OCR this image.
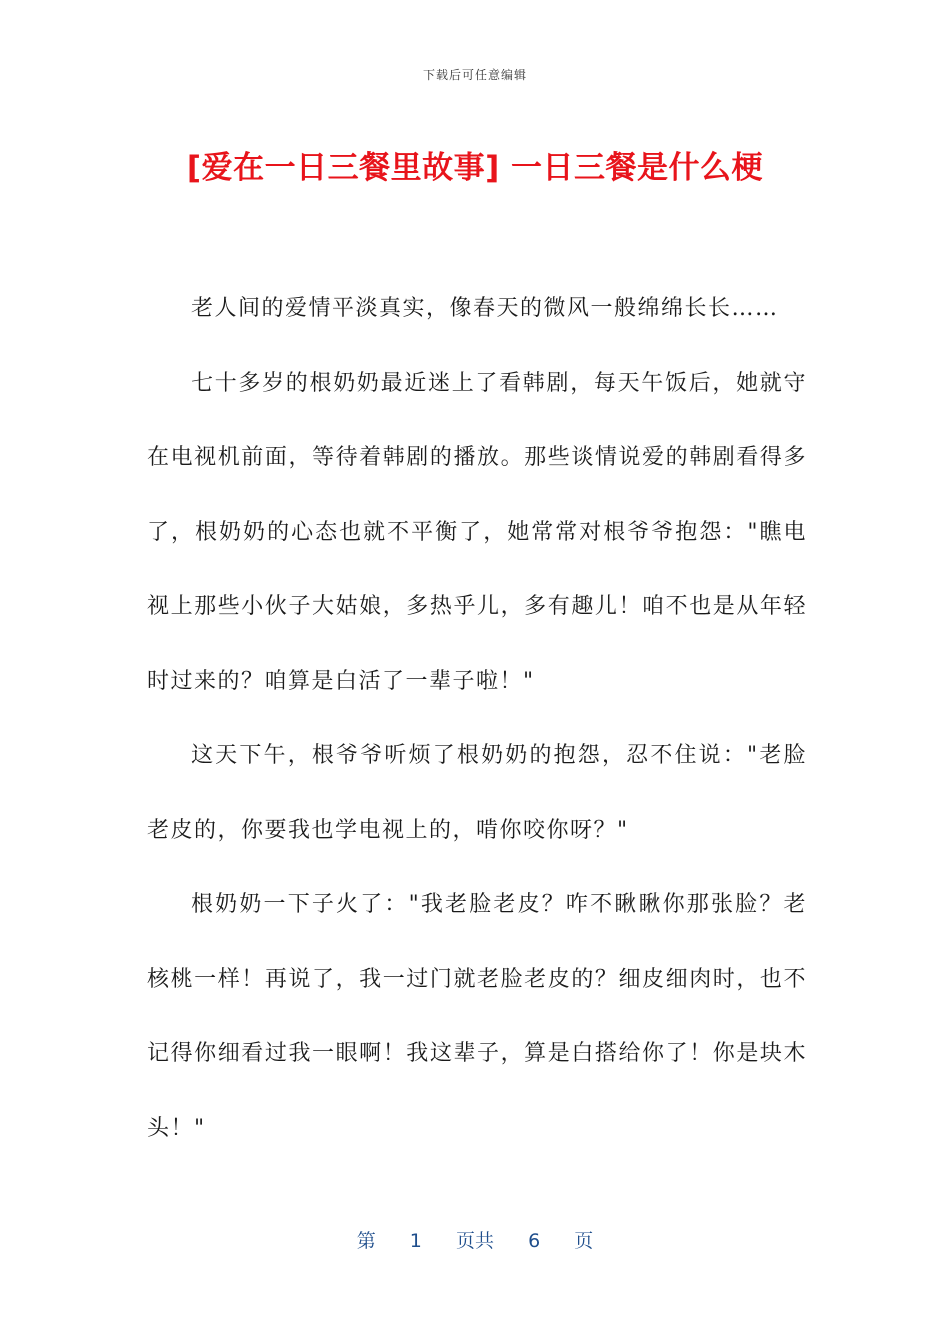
下载后可任意编辑
[爱在一日三餐里故事] 一日三餐是什么梗

老人间的爱情平淡真实，像春天的微风一般绵绵长长……

七十多岁的根奶奶最近迷上了看韩剧，每天午饭后，她就守在电视机前面，等待着韩剧的播放。那些谈情说爱的韩剧看得多了，根奶奶的心态也就不平衡了，她常常对根爷爷抱怨："瞧电视上那些小伙子大姑娘，多热乎儿，多有趣儿！咱不也是从年轻时过来的？咱算是白活了一辈子啦！"

这天下午，根爷爷听烦了根奶奶的抱怨，忍不住说："老脸老皮的，你要我也学电视上的，啃你咬你呀？"

根奶奶一下子火了："我老脸老皮？咋不瞅瞅你那张脸？老核桃一样！再说了，我一过门就老脸老皮的？细皮细肉时，也不记得你细看过我一眼啊！我这辈子，算是白搭给你了！你是块木头！"

第 1 页共 6 页
